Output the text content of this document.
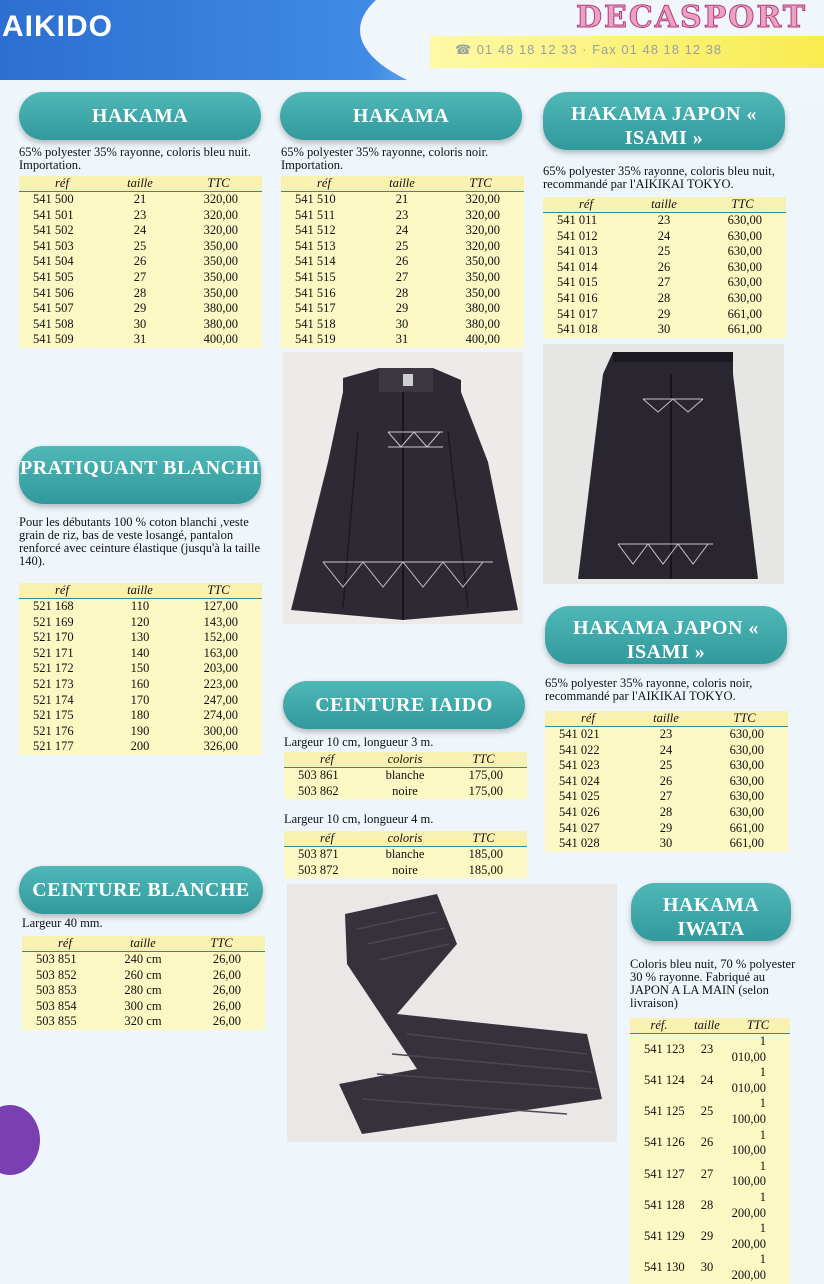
☎ 01 48 18 12 33 · Fax 01 48 18 12 38
AIKIDO	DECASPORT
HAKAMA
65% polyester 35% rayonne, coloris bleu nuit. Importation.
réf	taille	TTC
541 500	21	320,00
541 501	23	320,00
541 502	24	320,00
541 503	25	350,00
541 504	26	350,00
541 505	27	350,00
541 506	28	350,00
541 507	29	380,00
541 508	30	380,00
541 509	31	400,00
HAKAMA
65% polyester 35% rayonne, coloris noir. Importation.
réf	taille	TTC
541 510	21	320,00
541 511	23	320,00
541 512	24	320,00
541 513	25	320,00
541 514	26	350,00
541 515	27	350,00
541 516	28	350,00
541 517	29	380,00
541 518	30	380,00
541 519	31	400,00
HAKAMA JAPON « ISAMI »
65% polyester 35% rayonne, coloris bleu nuit, recommandé par l'AIKIKAI TOKYO.
réf	taille	TTC
541 011	23	630,00
541 012	24	630,00
541 013	25	630,00
541 014	26	630,00
541 015	27	630,00
541 016	28	630,00
541 017	29	661,00
541 018	30	661,00
PRATIQUANT BLANCHI
Pour les débutants 100 % coton blanchi ,veste grain de riz, bas de veste losangé, pantalon renforcé avec ceinture élastique (jusqu'à la taille 140).
réf	taille	TTC
521 168	110	127,00
521 169	120	143,00
521 170	130	152,00
521 171	140	163,00
521 172	150	203,00
521 173	160	223,00
521 174	170	247,00
521 175	180	274,00
521 176	190	300,00
521 177	200	326,00
HAKAMA JAPON « ISAMI »
65% polyester 35% rayonne, coloris noir, recommandé par l'AIKIKAI TOKYO.
réf	taille	TTC
541 021	23	630,00
541 022	24	630,00
541 023	25	630,00
541 024	26	630,00
541 025	27	630,00
541 026	28	630,00
541 027	29	661,00
541 028	30	661,00
CEINTURE IAIDO
Largeur 10 cm, longueur 3 m.
réf	coloris	TTC
503 861	blanche	175,00
503 862	noire	175,00
Largeur 10 cm, longueur 4 m.
réf	coloris	TTC
503 871	blanche	185,00
503 872	noire	185,00
CEINTURE BLANCHE
Largeur 40 mm.
réf	taille	TTC
503 851	240 cm	26,00
503 852	260 cm	26,00
503 853	280 cm	26,00
503 854	300 cm	26,00
503 855	320 cm	26,00
HAKAMA IWATA
Coloris bleu nuit, 70 % polyester 30 % rayonne. Fabriqué au JAPON A LA MAIN (selon livraison)
réf.	taille	TTC
541 123	23	1 010,00
541 124	24	1 010,00
541 125	25	1 100,00
541 126	26	1 100,00
541 127	27	1 100,00
541 128	28	1 200,00
541 129	29	1 200,00
541 130	30	1 200,00
